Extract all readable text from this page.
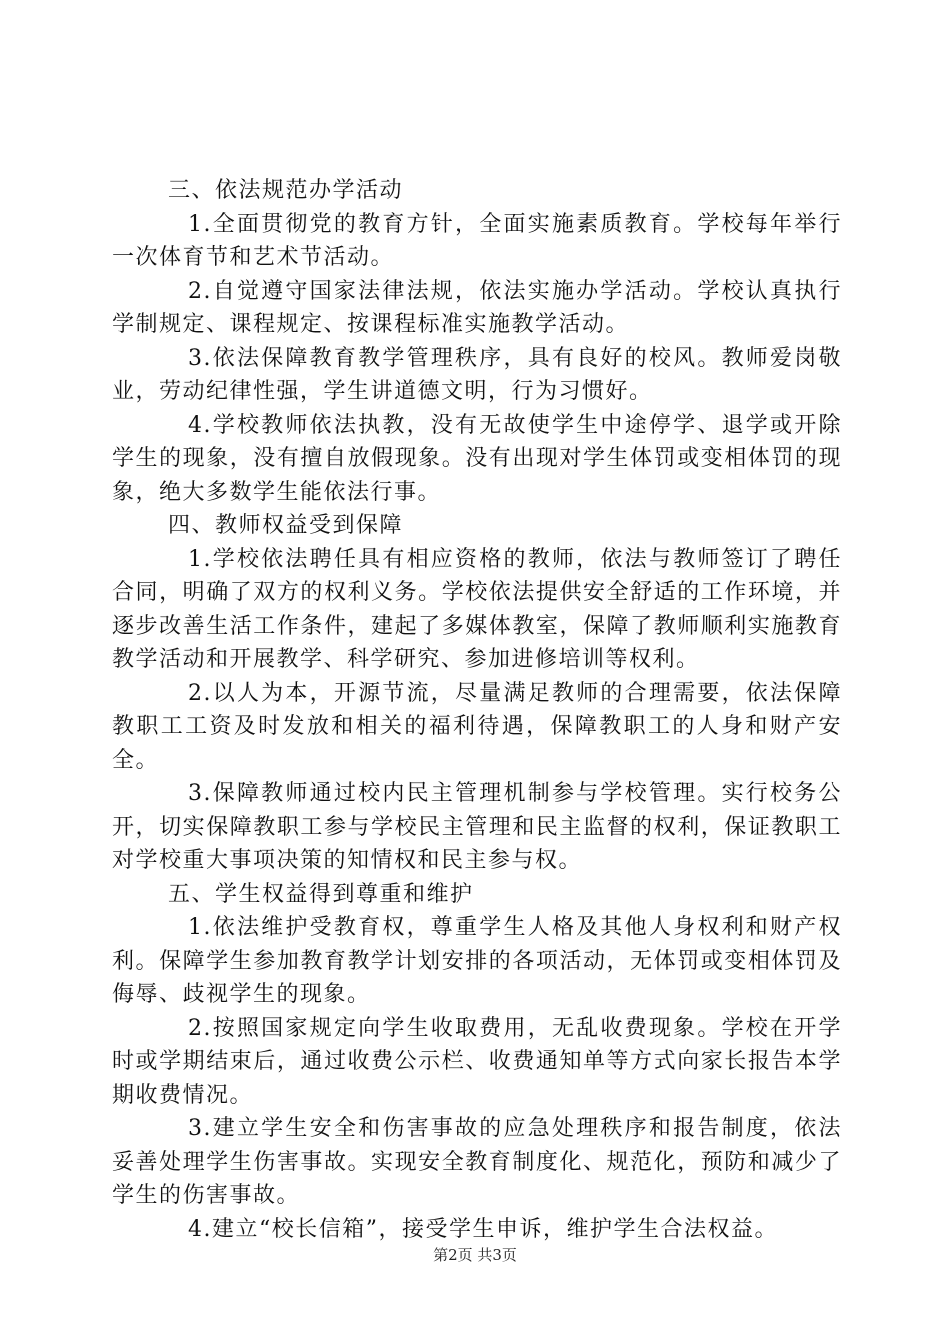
三、依法规范办学活动

1.全面贯彻党的教育方针，全面实施素质教育。学校每年举行一次体育节和艺术节活动。

2.自觉遵守国家法律法规，依法实施办学活动。学校认真执行学制规定、课程规定、按课程标准实施教学活动。

3.依法保障教育教学管理秩序，具有良好的校风。教师爱岗敬业，劳动纪律性强，学生讲道德文明，行为习惯好。

4.学校教师依法执教，没有无故使学生中途停学、退学或开除学生的现象，没有擅自放假现象。没有出现对学生体罚或变相体罚的现象，绝大多数学生能依法行事。

四、教师权益受到保障

1.学校依法聘任具有相应资格的教师，依法与教师签订了聘任合同，明确了双方的权利义务。学校依法提供安全舒适的工作环境，并逐步改善生活工作条件，建起了多媒体教室，保障了教师顺利实施教育教学活动和开展教学、科学研究、参加进修培训等权利。

2.以人为本，开源节流，尽量满足教师的合理需要，依法保障教职工工资及时发放和相关的福利待遇，保障教职工的人身和财产安全。

3.保障教师通过校内民主管理机制参与学校管理。实行校务公开，切实保障教职工参与学校民主管理和民主监督的权利，保证教职工对学校重大事项决策的知情权和民主参与权。

五、学生权益得到尊重和维护

1.依法维护受教育权，尊重学生人格及其他人身权利和财产权利。保障学生参加教育教学计划安排的各项活动，无体罚或变相体罚及侮辱、歧视学生的现象。

2.按照国家规定向学生收取费用，无乱收费现象。学校在开学时或学期结束后，通过收费公示栏、收费通知单等方式向家长报告本学期收费情况。

3.建立学生安全和伤害事故的应急处理秩序和报告制度，依法妥善处理学生伤害事故。实现安全教育制度化、规范化，预防和减少了学生的伤害事故。

4.建立“校长信箱”，接受学生申诉，维护学生合法权益。

第2页 共3页
